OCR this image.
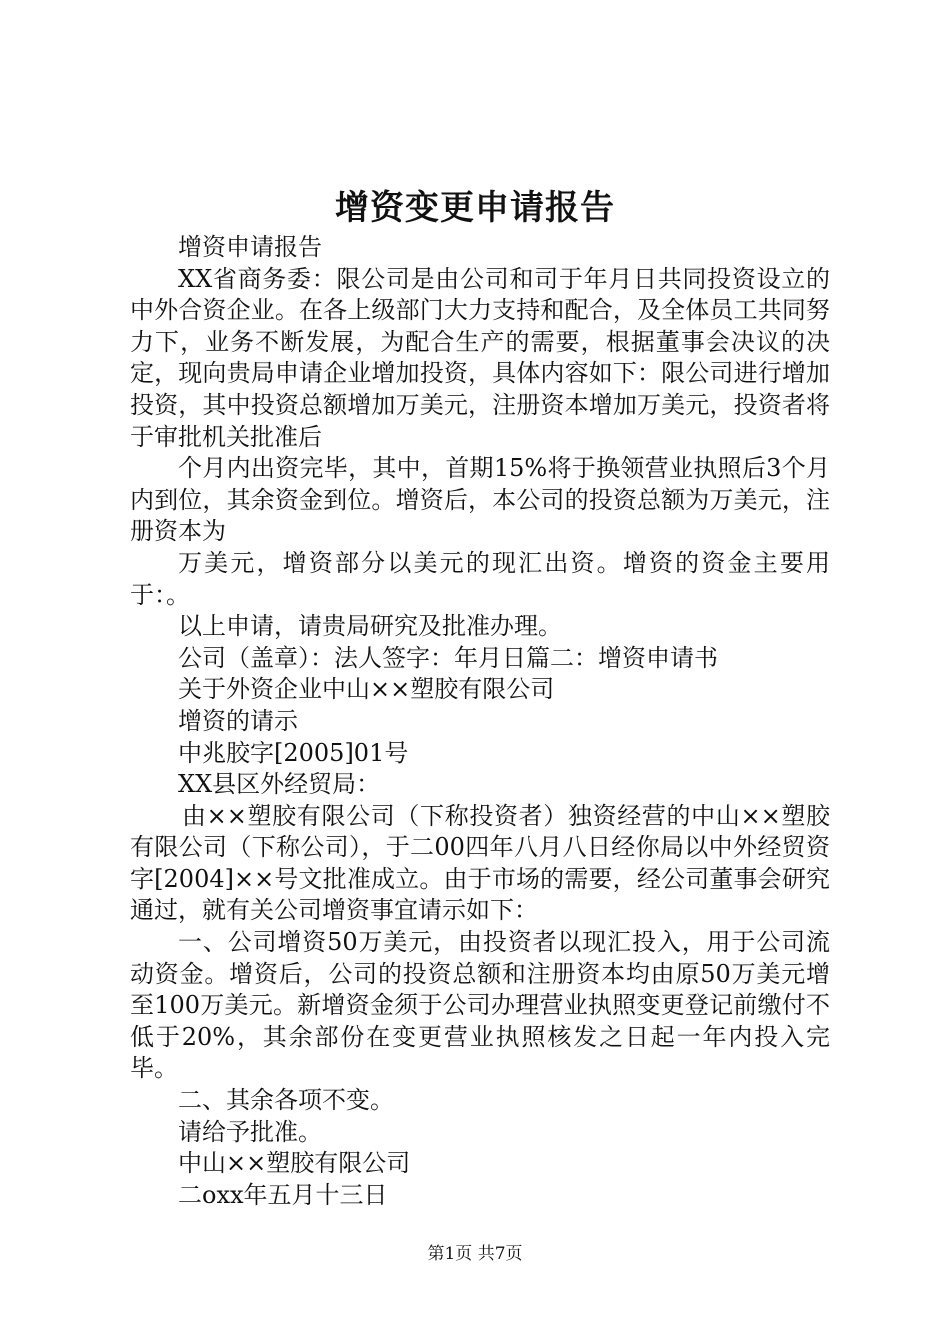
增资变更申请报告

增资申请报告

XX省商务委：限公司是由公司和司于年月日共同投资设立的中外合资企业。在各上级部门大力支持和配合，及全体员工共同努力下，业务不断发展，为配合生产的需要，根据董事会决议的决定，现向贵局申请企业增加投资，具体内容如下：限公司进行增加投资，其中投资总额增加万美元，注册资本增加万美元，投资者将于审批机关批准后

个月内出资完毕，其中，首期15%将于换领营业执照后3个月内到位，其余资金到位。增资后，本公司的投资总额为万美元，注册资本为

万美元，增资部分以美元的现汇出资。增资的资金主要用于：。

以上申请，请贵局研究及批准办理。

公司（盖章）：法人签字：年月日篇二：增资申请书

关于外资企业中山××塑胶有限公司

增资的请示

中兆胶字[2005]01号

XX县区外经贸局：

由××塑胶有限公司（下称投资者）独资经营的中山××塑胶有限公司（下称公司），于二00四年八月八日经你局以中外经贸资字[2004]××号文批准成立。由于市场的需要，经公司董事会研究通过，就有关公司增资事宜请示如下：

一、公司增资50万美元，由投资者以现汇投入，用于公司流动资金。增资后，公司的投资总额和注册资本均由原50万美元增至100万美元。新增资金须于公司办理营业执照变更登记前缴付不低于20%，其余部份在变更营业执照核发之日起一年内投入完毕。

二、其余各项不变。

请给予批准。

中山××塑胶有限公司

二oxx年五月十三日

第1页 共7页
